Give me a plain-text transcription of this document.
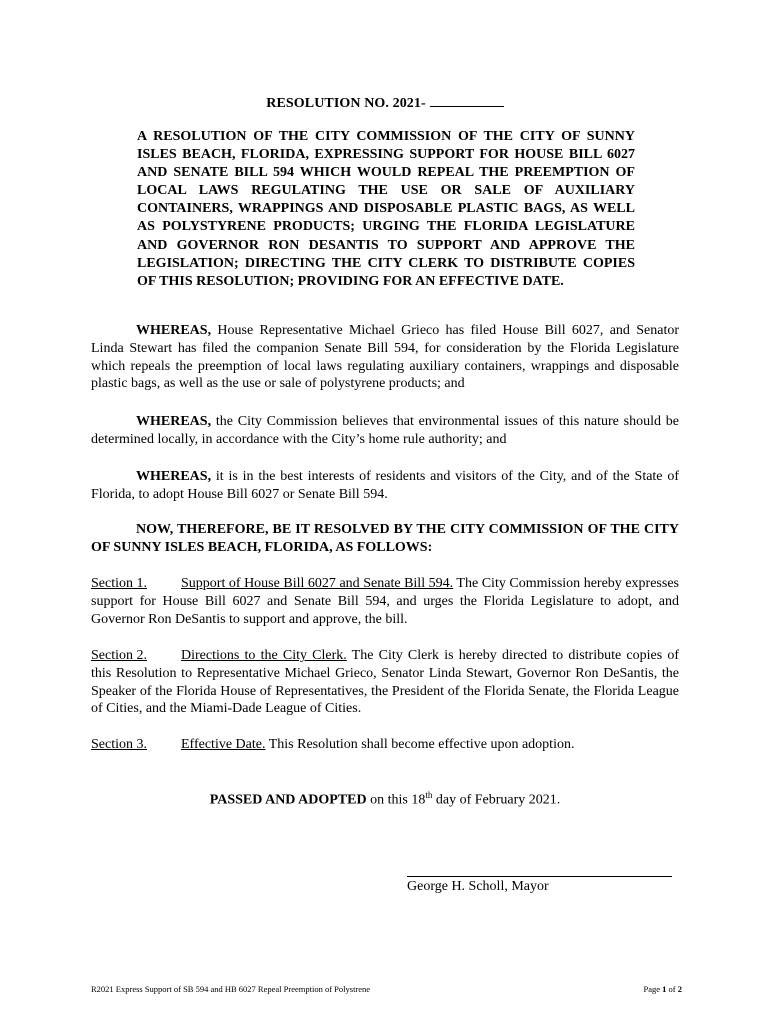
RESOLUTION NO. 2021-
A RESOLUTION OF THE CITY COMMISSION OF THE CITY OF SUNNY ISLES BEACH, FLORIDA, EXPRESSING SUPPORT FOR HOUSE BILL 6027 AND SENATE BILL 594 WHICH WOULD REPEAL THE PREEMPTION OF LOCAL LAWS REGULATING THE USE OR SALE OF AUXILIARY CONTAINERS, WRAPPINGS AND DISPOSABLE PLASTIC BAGS, AS WELL AS POLYSTYRENE PRODUCTS; URGING THE FLORIDA LEGISLATURE AND GOVERNOR RON DESANTIS TO SUPPORT AND APPROVE THE LEGISLATION; DIRECTING THE CITY CLERK TO DISTRIBUTE COPIES OF THIS RESOLUTION; PROVIDING FOR AN EFFECTIVE DATE.
WHEREAS, House Representative Michael Grieco has filed House Bill 6027, and Senator Linda Stewart has filed the companion Senate Bill 594, for consideration by the Florida Legislature which repeals the preemption of local laws regulating auxiliary containers, wrappings and disposable plastic bags, as well as the use or sale of polystyrene products; and
WHEREAS, the City Commission believes that environmental issues of this nature should be determined locally, in accordance with the City’s home rule authority; and
WHEREAS, it is in the best interests of residents and visitors of the City, and of the State of Florida, to adopt House Bill 6027 or Senate Bill 594.
NOW, THEREFORE, BE IT RESOLVED BY THE CITY COMMISSION OF THE CITY OF SUNNY ISLES BEACH, FLORIDA, AS FOLLOWS:
Section 1. Support of House Bill 6027 and Senate Bill 594. The City Commission hereby expresses support for House Bill 6027 and Senate Bill 594, and urges the Florida Legislature to adopt, and Governor Ron DeSantis to support and approve, the bill.
Section 2. Directions to the City Clerk. The City Clerk is hereby directed to distribute copies of this Resolution to Representative Michael Grieco, Senator Linda Stewart, Governor Ron DeSantis, the Speaker of the Florida House of Representatives, the President of the Florida Senate, the Florida League of Cities, and the Miami-Dade League of Cities.
Section 3. Effective Date. This Resolution shall become effective upon adoption.
PASSED AND ADOPTED on this 18th day of February 2021.
George H. Scholl, Mayor
R2021 Express Support of SB 594 and HB 6027 Repeal Preemption of Polystrene	Page 1 of 2
